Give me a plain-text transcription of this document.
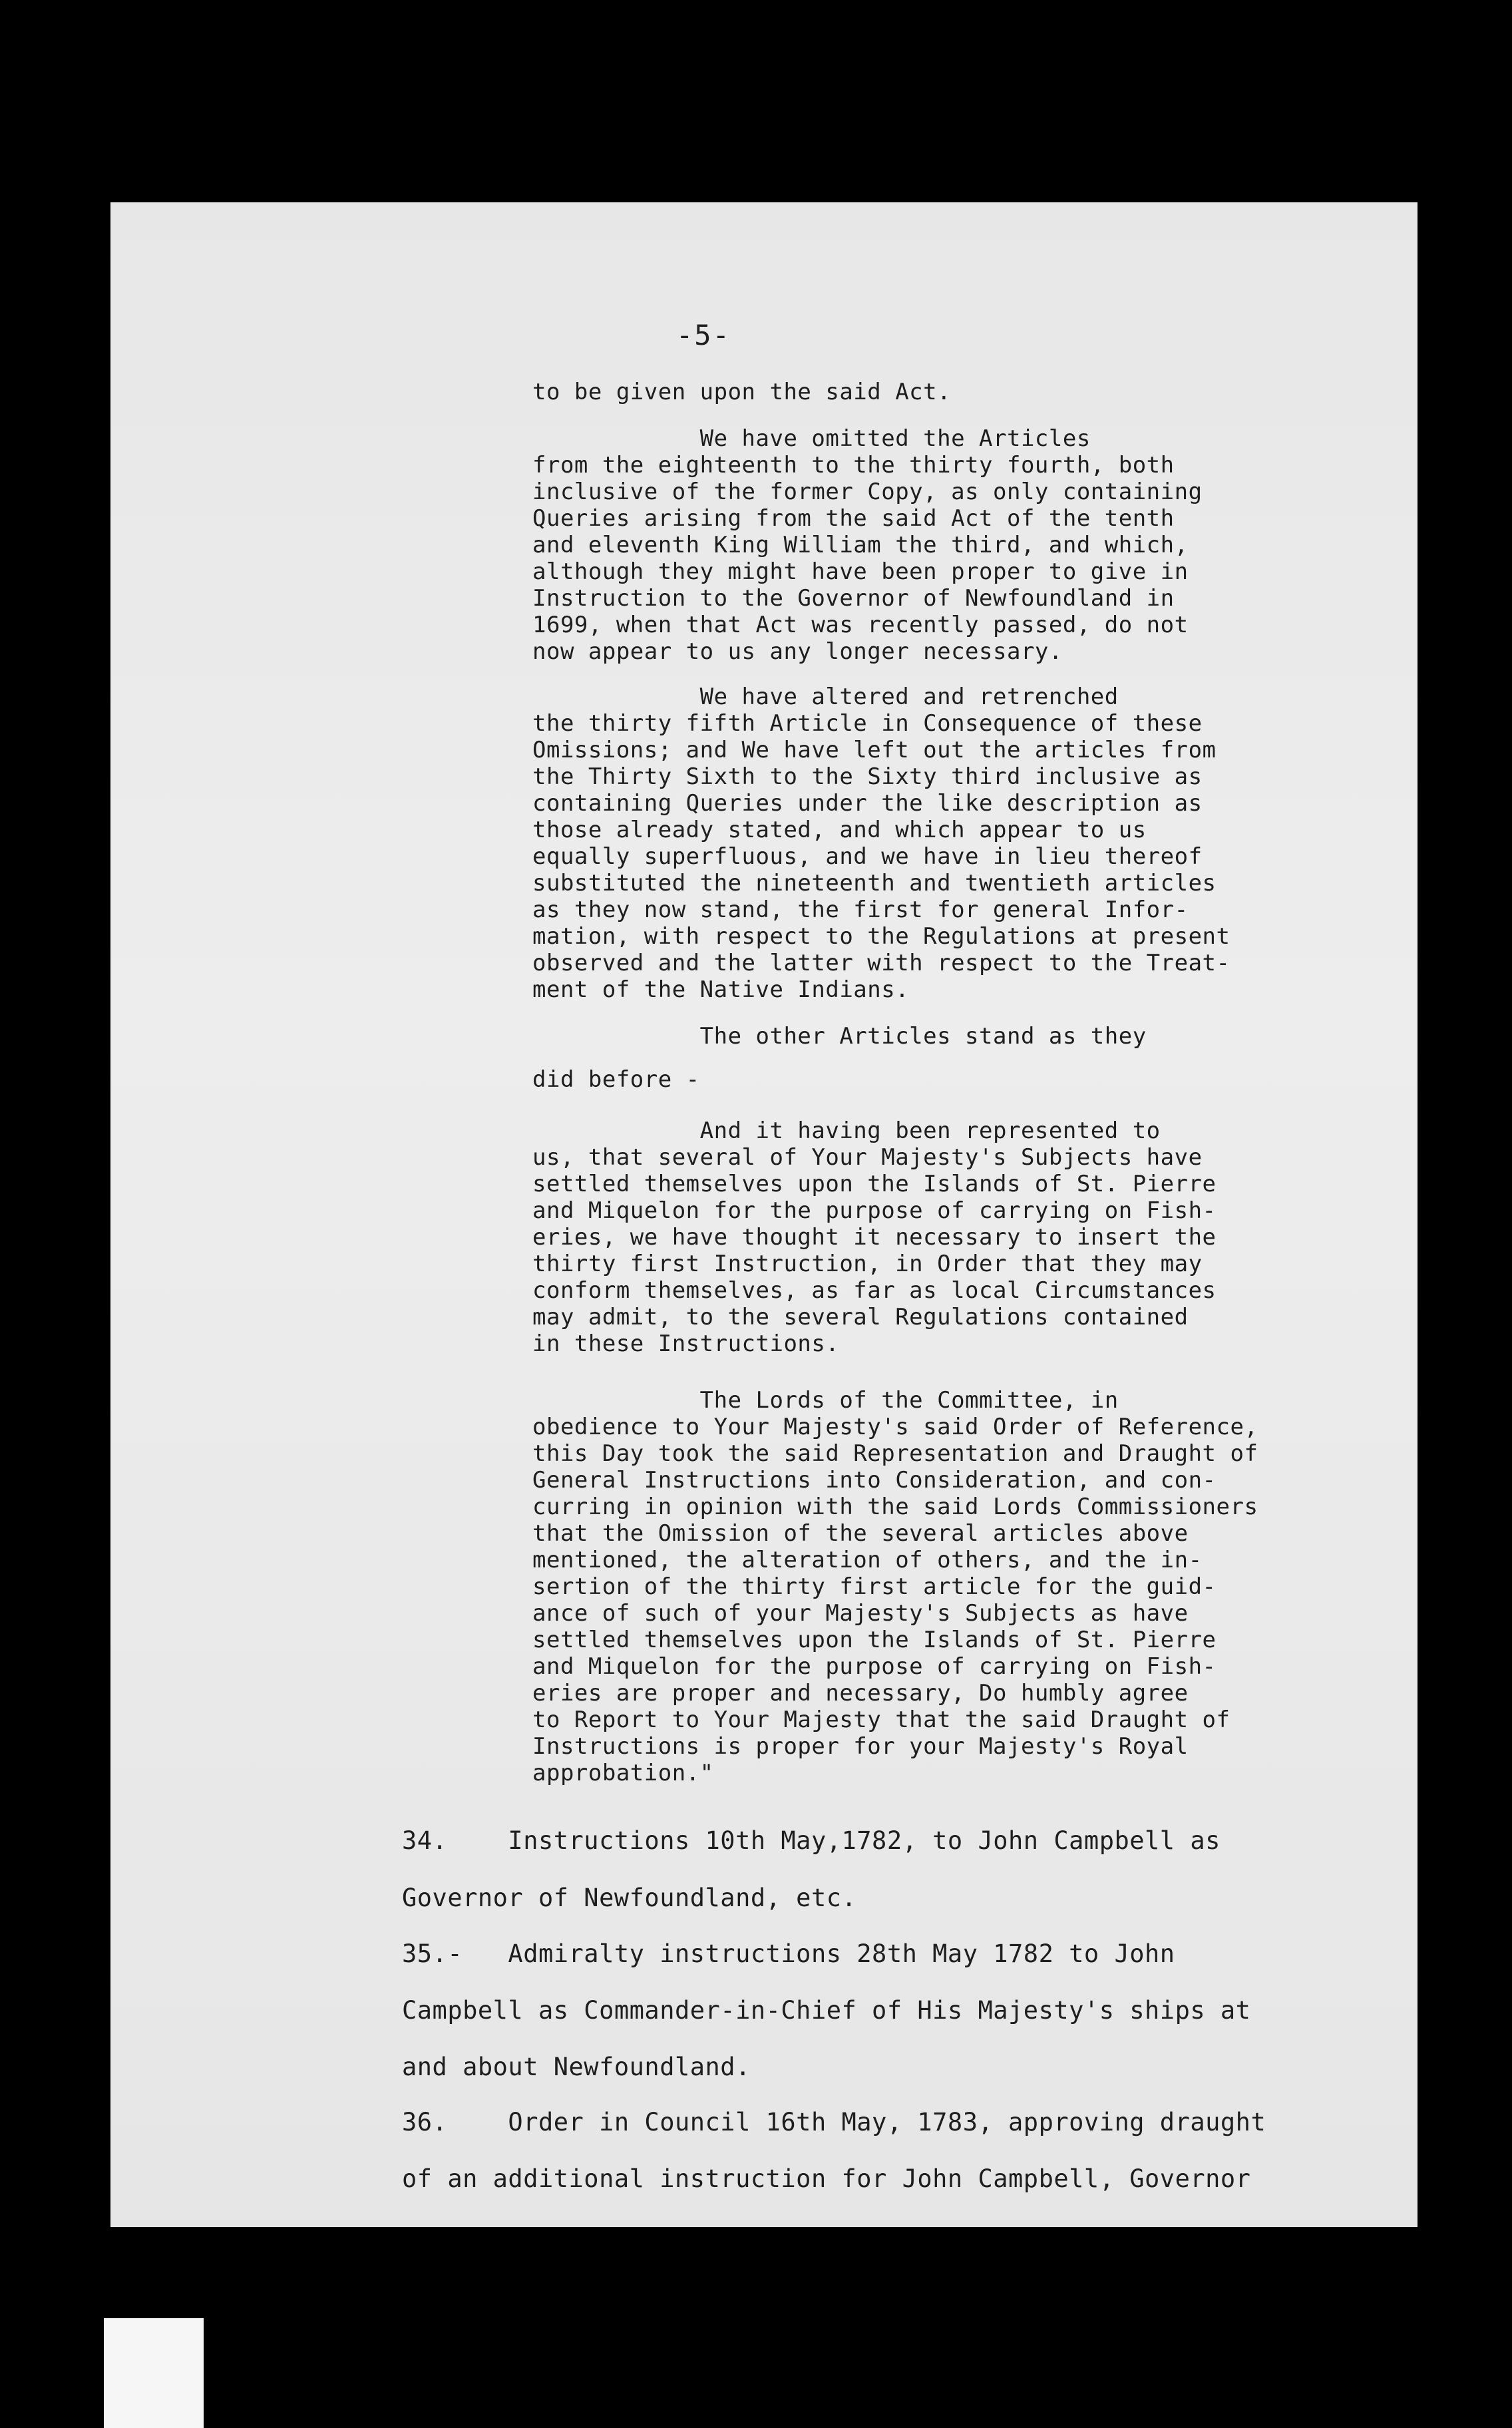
-5-
to be given upon the said Act.
We have omitted the Articles
from the eighteenth to the thirty fourth, both
inclusive of the former Copy, as only containing
Queries arising from the said Act of the tenth
and eleventh King William the third, and which,
although they might have been proper to give in
Instruction to the Governor of Newfoundland in
1699, when that Act was recently passed, do not
now appear to us any longer necessary.
We have altered and retrenched
the thirty fifth Article in Consequence of these
Omissions; and We have left out the articles from
the Thirty Sixth to the Sixty third inclusive as
containing Queries under the like description as
those already stated, and which appear to us
equally superfluous, and we have in lieu thereof
substituted the nineteenth and twentieth articles
as they now stand, the first for general Infor-
mation, with respect to the Regulations at present
observed and the latter with respect to the Treat-
ment of the Native Indians.
The other Articles stand as they
did before -
And it having been represented to
us, that several of Your Majesty's Subjects have
settled themselves upon the Islands of St. Pierre
and Miquelon for the purpose of carrying on Fish-
eries, we have thought it necessary to insert the
thirty first Instruction, in Order that they may
conform themselves, as far as local Circumstances
may admit, to the several Regulations contained
in these Instructions.
The Lords of the Committee, in
obedience to Your Majesty's said Order of Reference,
this Day took the said Representation and Draught of
General Instructions into Consideration, and con-
curring in opinion with the said Lords Commissioners
that the Omission of the several articles above
mentioned, the alteration of others, and the in-
sertion of the thirty first article for the guid-
ance of such of your Majesty's Subjects as have
settled themselves upon the Islands of St. Pierre
and Miquelon for the purpose of carrying on Fish-
eries are proper and necessary, Do humbly agree
to Report to Your Majesty that the said Draught of
Instructions is proper for your Majesty's Royal
approbation."
34.    Instructions 10th May,1782, to John Campbell as
Governor of Newfoundland, etc.
35.-   Admiralty instructions 28th May 1782 to John
Campbell as Commander-in-Chief of His Majesty's ships at
and about Newfoundland.
36.    Order in Council 16th May, 1783, approving draught
of an additional instruction for John Campbell, Governor
